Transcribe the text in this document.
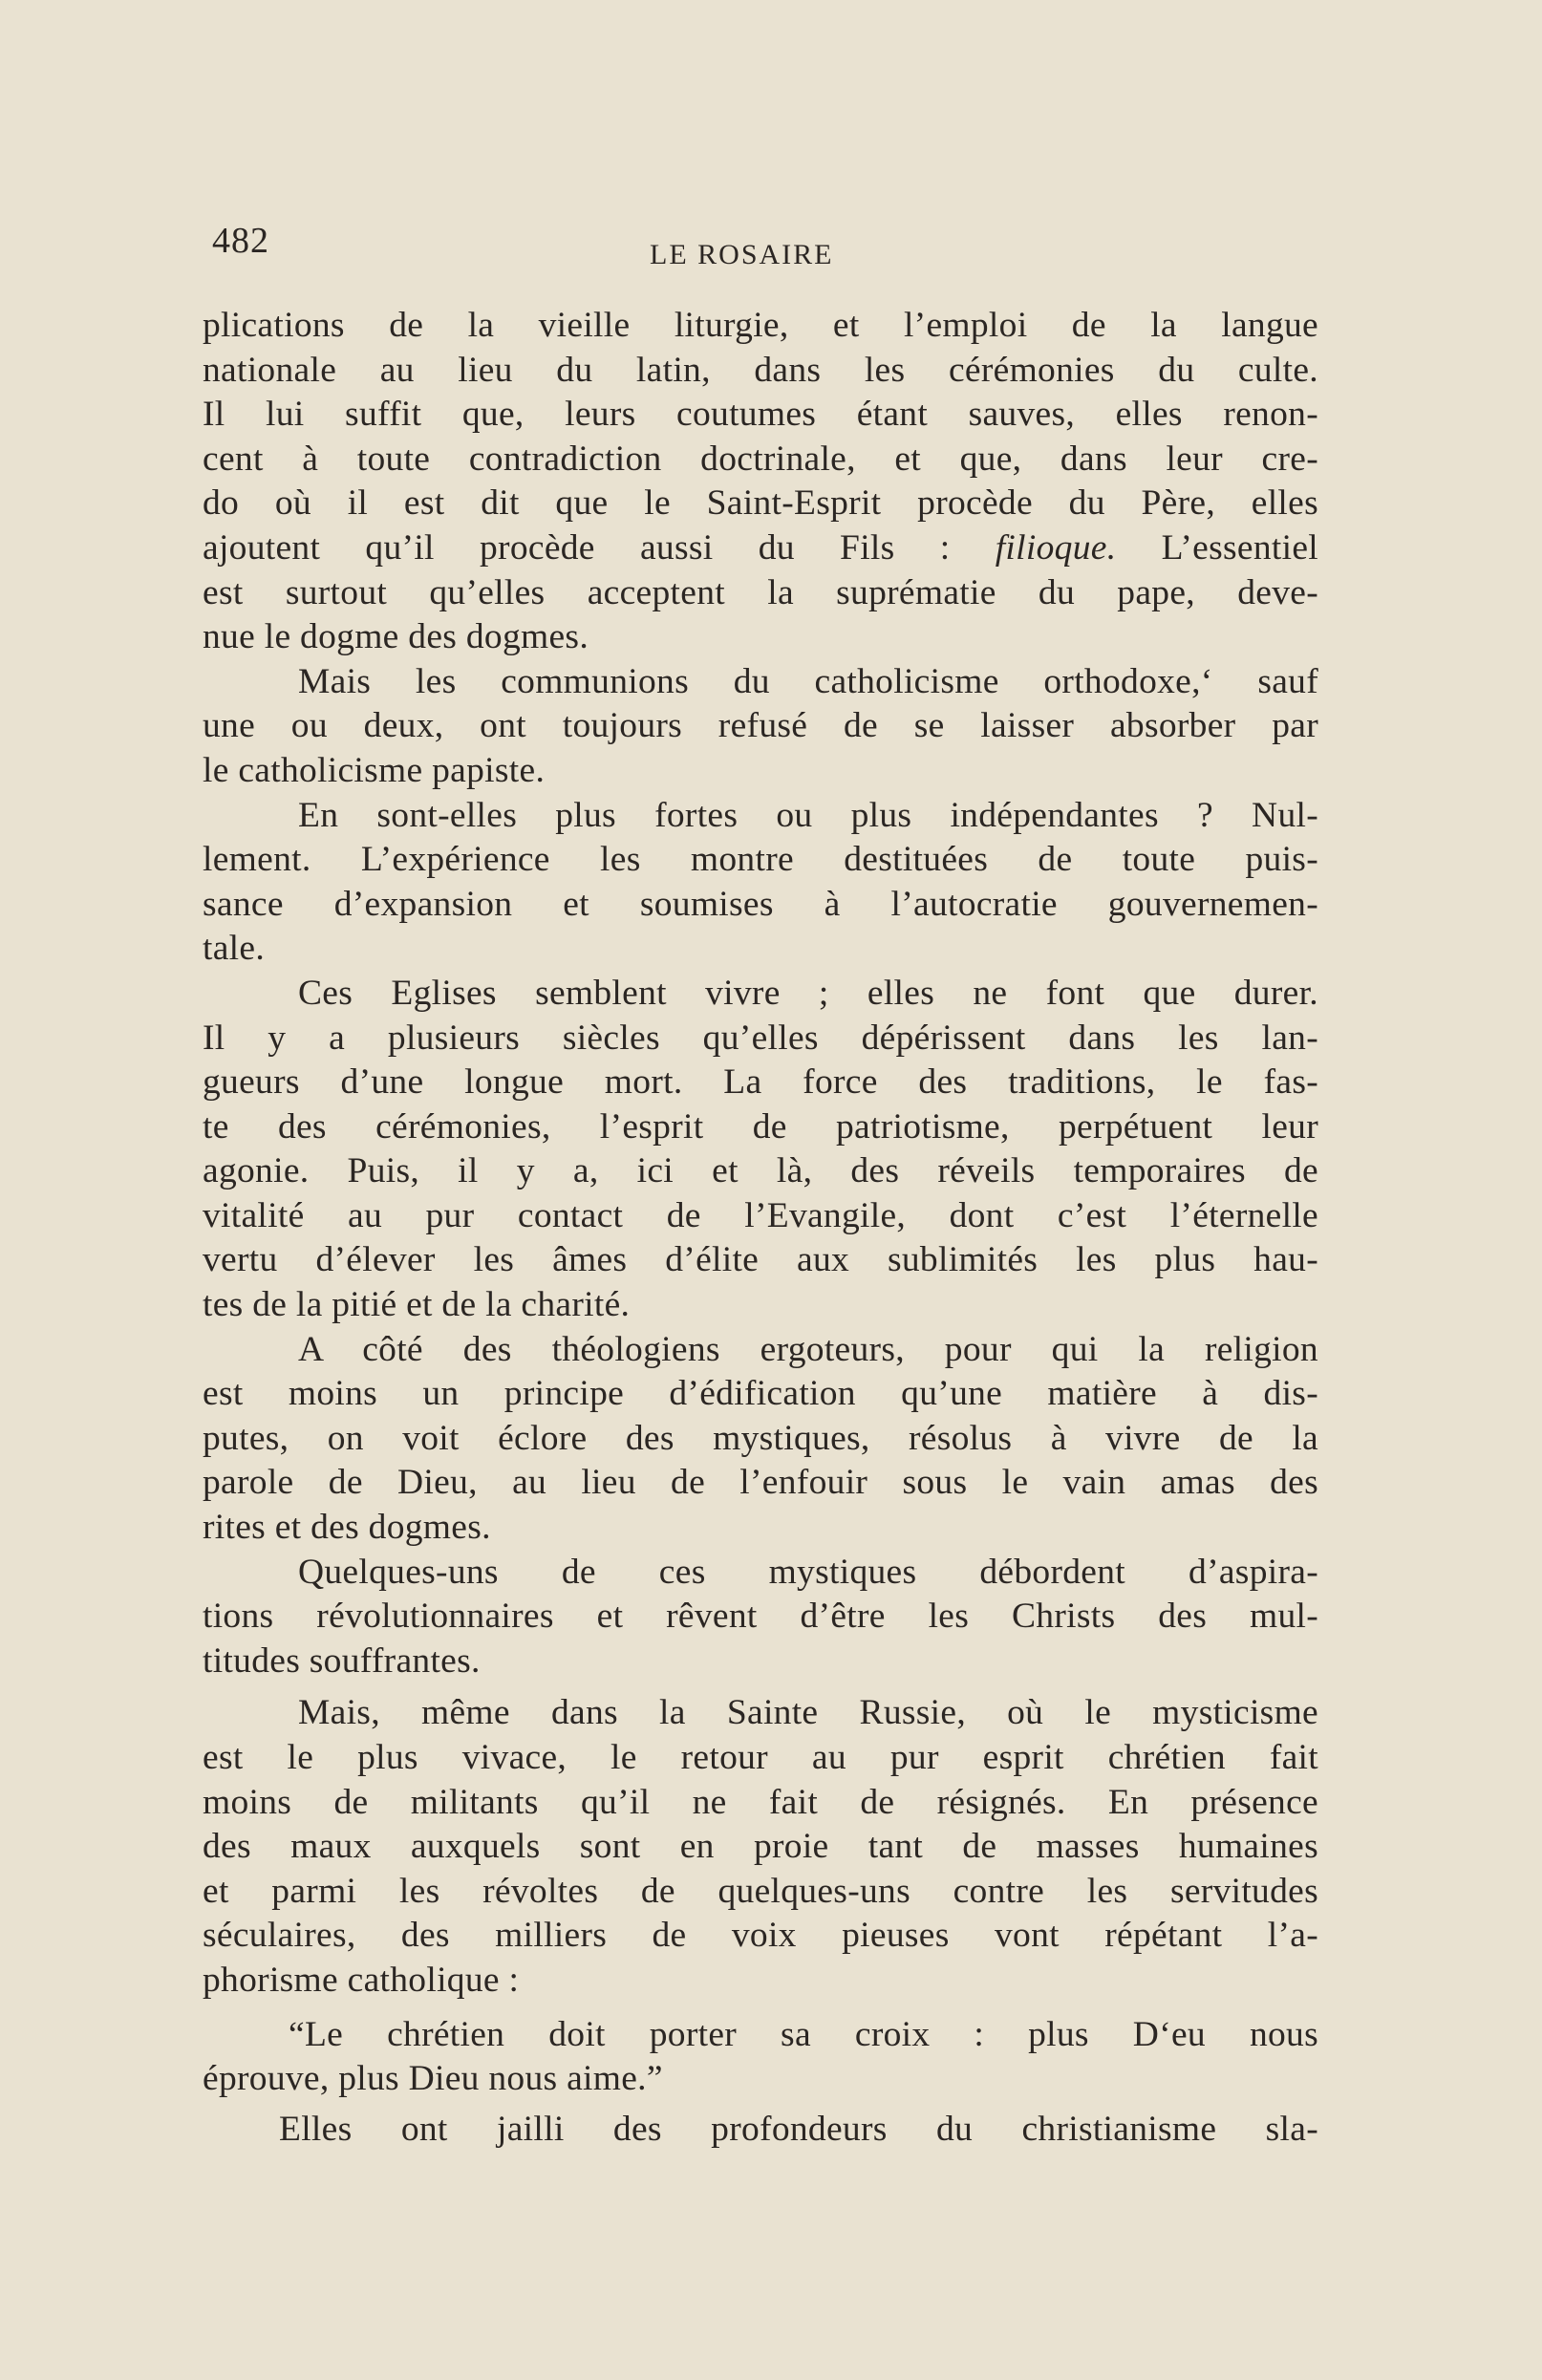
482	LE ROSAIRE

plications de la vieille liturgie, et l’emploi de la langue
nationale au lieu du latin, dans les cérémonies du culte.
Il lui suffit que, leurs coutumes étant sauves, elles renon-
cent à toute contradiction doctrinale, et que, dans leur cre-
do où il est dit que le Saint-Esprit procède du Père, elles
ajoutent qu’il procède aussi du Fils : filioque. L’essentiel
est surtout qu’elles acceptent la suprématie du pape, deve-
nue le dogme des dogmes.

Mais les communions du catholicisme orthodoxe,‘ sauf
une ou deux, ont toujours refusé de se laisser absorber par
le catholicisme papiste.

En sont-elles plus fortes ou plus indépendantes ? Nul-
lement. L’expérience les montre destituées de toute puis-
sance d’expansion et soumises à l’autocratie gouvernemen-
tale.

Ces Eglises semblent vivre ; elles ne font que durer.
Il y a plusieurs siècles qu’elles dépérissent dans les lan-
gueurs d’une longue mort. La force des traditions, le fas-
te des cérémonies, l’esprit de patriotisme, perpétuent leur
agonie. Puis, il y a, ici et là, des réveils temporaires de
vitalité au pur contact de l’Evangile, dont c’est l’éternelle
vertu d’élever les âmes d’élite aux sublimités les plus hau-
tes de la pitié et de la charité.

A côté des théologiens ergoteurs, pour qui la religion
est moins un principe d’édification qu’une matière à dis-
putes, on voit éclore des mystiques, résolus à vivre de la
parole de Dieu, au lieu de l’enfouir sous le vain amas des
rites et des dogmes.

Quelques-uns de ces mystiques débordent d’aspira-
tions révolutionnaires et rêvent d’être les Christs des mul-
titudes souffrantes.

Mais, même dans la Sainte Russie, où le mysticisme
est le plus vivace, le retour au pur esprit chrétien fait
moins de militants qu’il ne fait de résignés. En présence
des maux auxquels sont en proie tant de masses humaines
et parmi les révoltes de quelques-uns contre les servitudes
séculaires, des milliers de voix pieuses vont répétant l’a-
phorisme catholique :

“Le chrétien doit porter sa croix : plus D‘eu nous
éprouve, plus Dieu nous aime.”

Elles ont jailli des profondeurs du christianisme sla-
